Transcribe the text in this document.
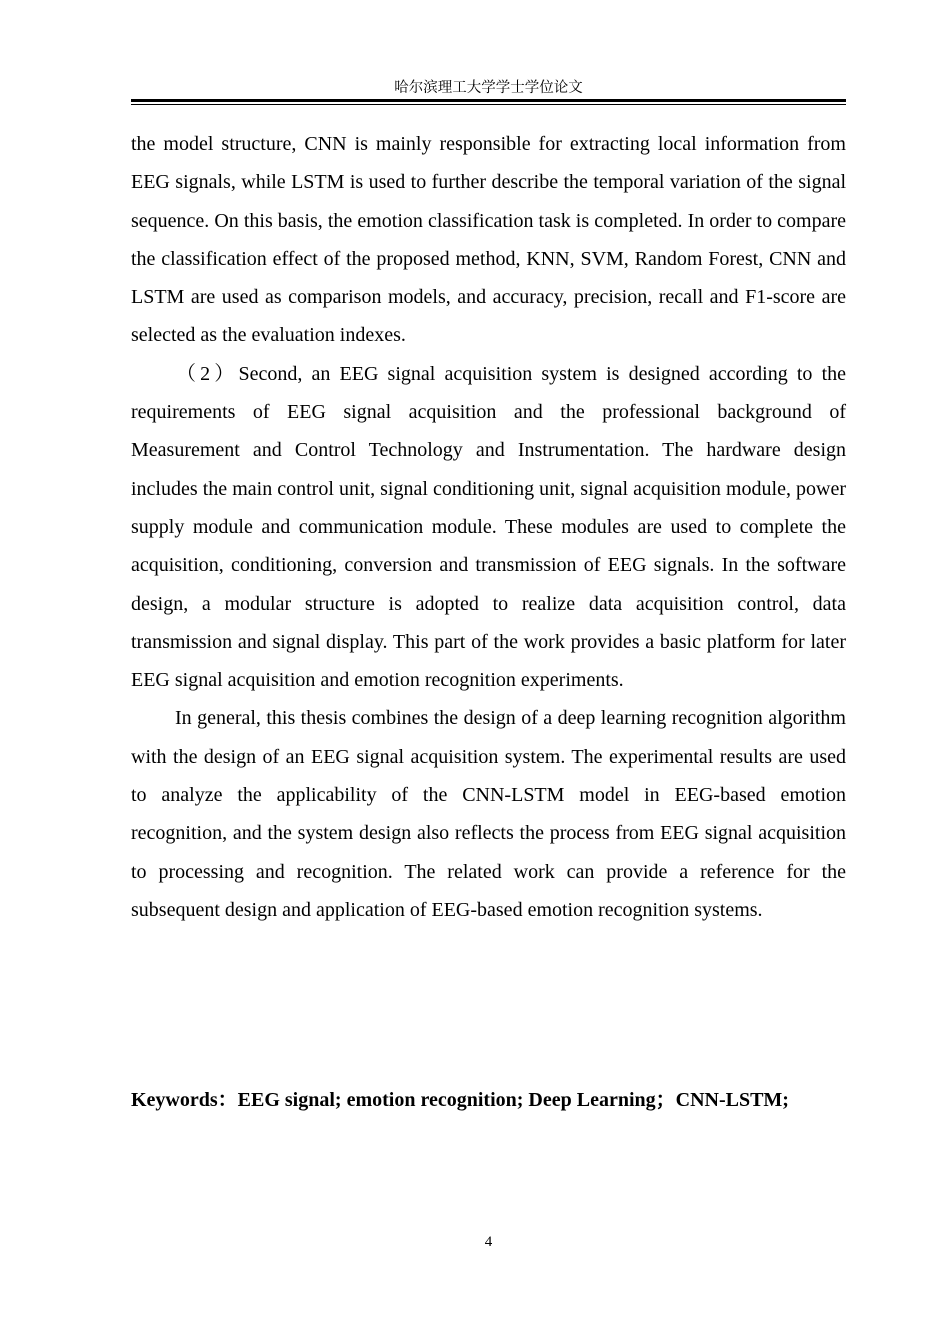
哈尔滨理工大学学士学位论文

the model structure, CNN is mainly responsible for extracting local information from EEG signals, while LSTM is used to further describe the temporal variation of the signal sequence. On this basis, the emotion classification task is completed. In order to compare the classification effect of the proposed method, KNN, SVM, Random Forest, CNN and LSTM are used as comparison models, and accuracy, precision, recall and F1-score are selected as the evaluation indexes.

（2）Second, an EEG signal acquisition system is designed according to the requirements of EEG signal acquisition and the professional background of Measurement and Control Technology and Instrumentation. The hardware design includes the main control unit, signal conditioning unit, signal acquisition module, power supply module and communication module. These modules are used to complete the acquisition, conditioning, conversion and transmission of EEG signals. In the software design, a modular structure is adopted to realize data acquisition control, data transmission and signal display. This part of the work provides a basic platform for later EEG signal acquisition and emotion recognition experiments.

In general, this thesis combines the design of a deep learning recognition algorithm with the design of an EEG signal acquisition system. The experimental results are used to analyze the applicability of the CNN-LSTM model in EEG-based emotion recognition, and the system design also reflects the process from EEG signal acquisition to processing and recognition. The related work can provide a reference for the subsequent design and application of EEG-based emotion recognition systems.

Keywords：EEG signal; emotion recognition; Deep Learning；CNN-LSTM;

4
